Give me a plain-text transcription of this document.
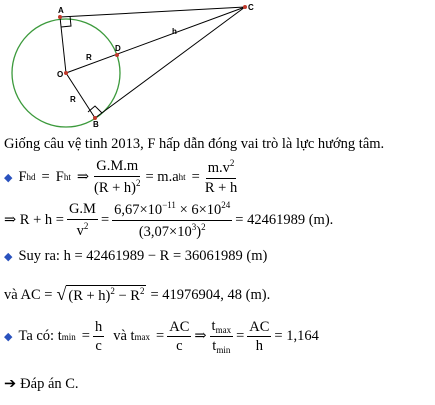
A	C
O
D
B
R
R
h
Giống câu vệ tinh 2013, F hấp dẫn đóng vai trò là lực hướng tâm.
◆ F hd = F ht ⇒ $\frac{G.M.m}{(R + h)^2} = m.a$ ht = $\frac{m.v^2}{R + h}$
⇒ $R + h = \frac{G.M}{v^2} = \frac{6,67\times 10^{-11} \times 6\times 10^{24}}{(3,07\times 10^3)^2} = 42461989$ (m).
◆ Suy ra: h = 42461989 − R = 36061989 (m)
và AC = √ $(R + h)^2 - R^2 = 41976904$, 48 (m).
◆ Ta có: t $\min = \frac{h}{c}$ và t $\max = \frac{AC}{c}$ ⇒ $\frac{t_{max}}{t_{min}} = \frac{AC}{h} = 1,164$
➔ Đáp án C.
